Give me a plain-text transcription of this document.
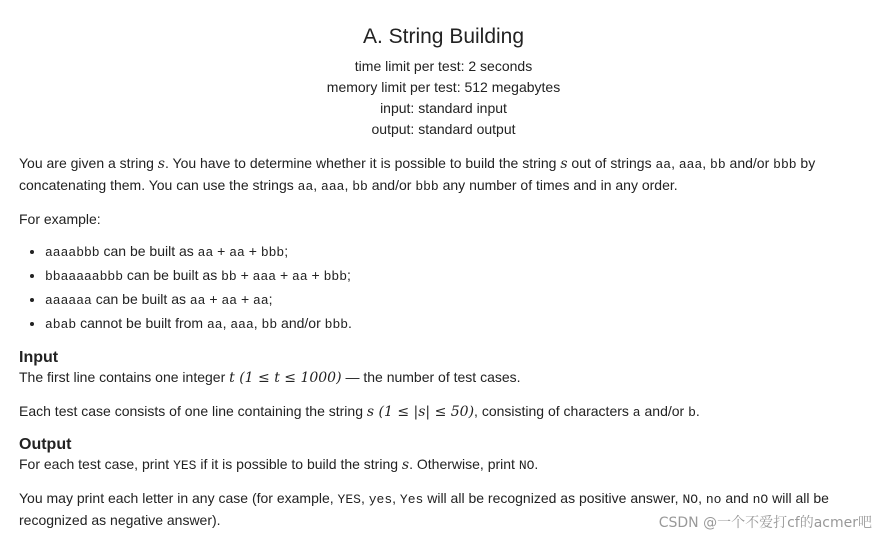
A. String Building
time limit per test: 2 seconds
memory limit per test: 512 megabytes
input: standard input
output: standard output

You are given a string s. You have to determine whether it is possible to build the string s out of strings aa, aaa, bb and/or bbb by concatenating them. You can use the strings aa, aaa, bb and/or bbb any number of times and in any order.

For example:

• aaaabbb can be built as aa + aa + bbb;
• bbaaaaabbb can be built as bb + aaa + aa + bbb;
• aaaaaa can be built as aa + aa + aa;
• abab cannot be built from aa, aaa, bb and/or bbb.
Input

The first line contains one integer t (1 ≤ t ≤ 1000) — the number of test cases.

Each test case consists of one line containing the string s (1 ≤ |s| ≤ 50), consisting of characters a and/or b.

Output

For each test case, print YES if it is possible to build the string s. Otherwise, print NO.

You may print each letter in any case (for example, YES, yes, Yes will all be recognized as positive answer, NO, no and nO will all be recognized as negative answer).	CSDN @一个不爱打cf的acmer吧
